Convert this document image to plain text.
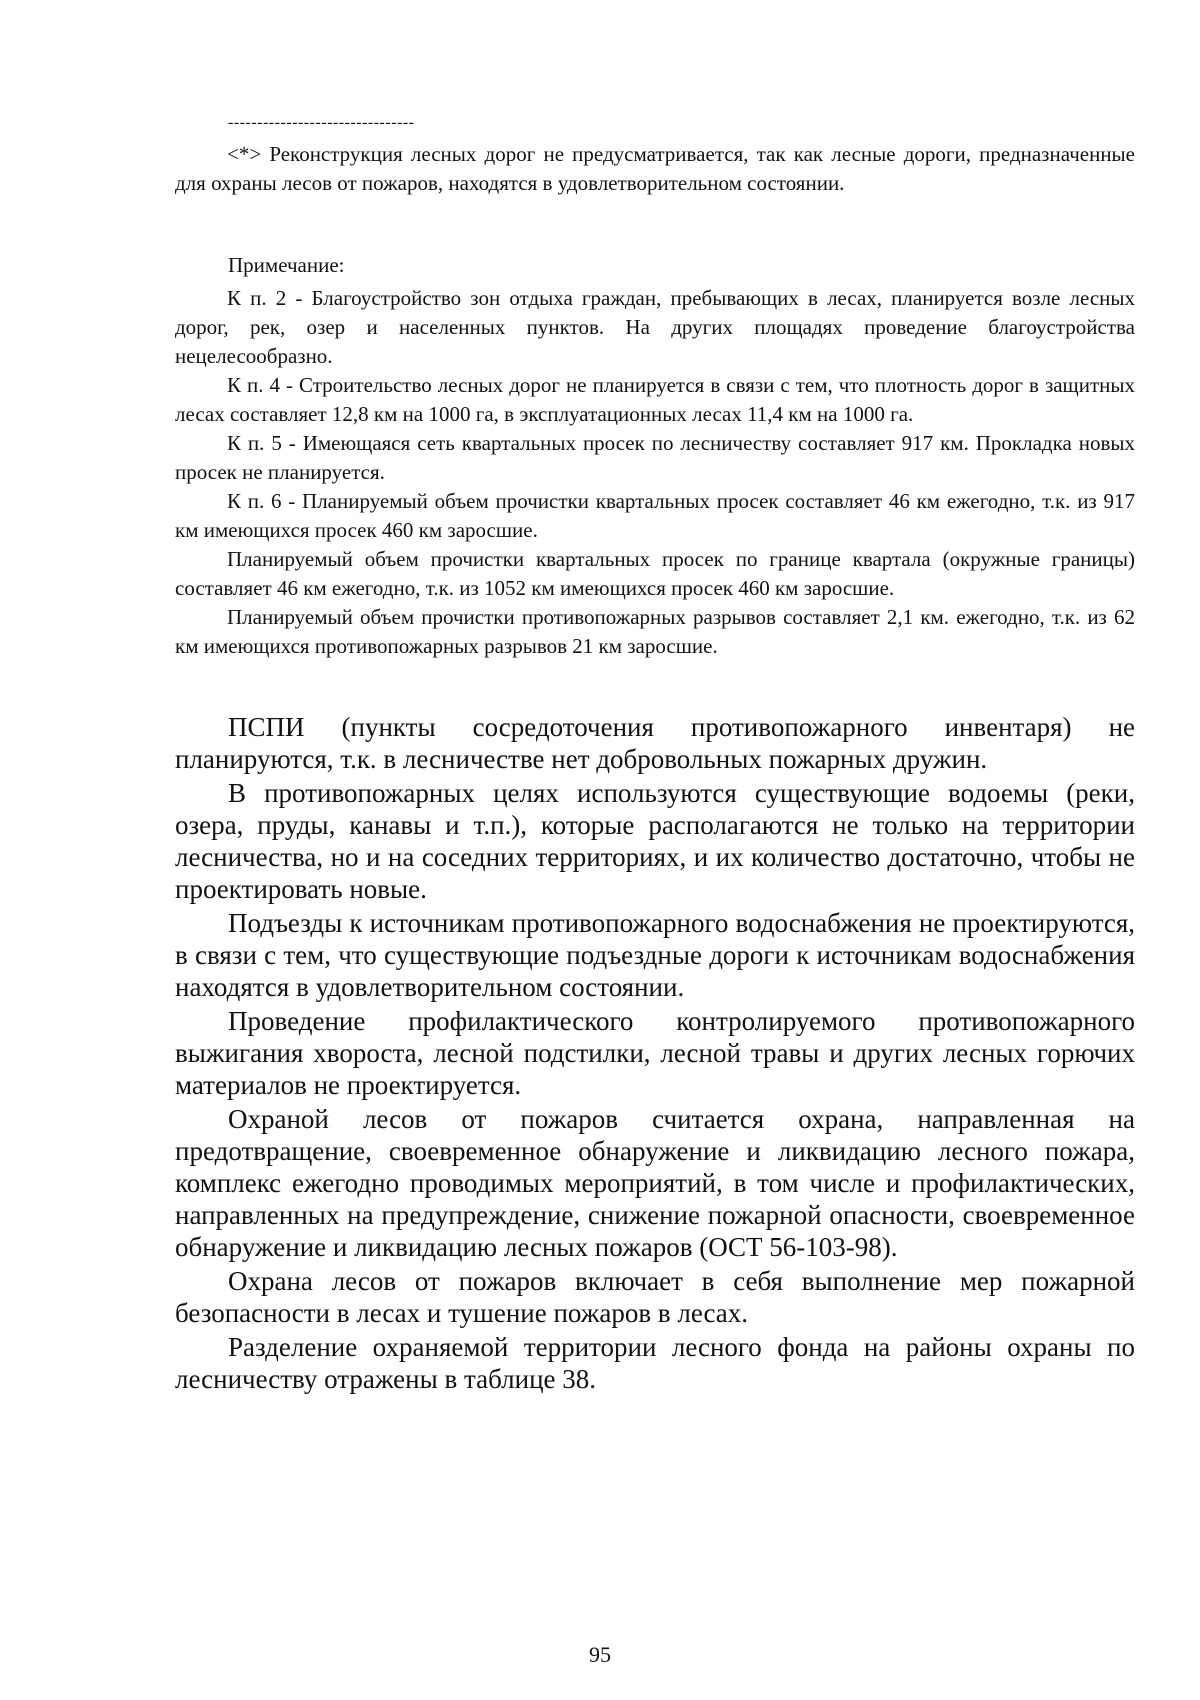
--------------------------------

<*> Реконструкция лесных дорог не предусматривается, так как лесные дороги, предназначенные для охраны лесов от пожаров, находятся в удовлетворительном состоянии.

Примечание:

К п. 2 - Благоустройство зон отдыха граждан, пребывающих в лесах, планируется возле лесных дорог, рек, озер и населенных пунктов. На других площадях проведение благоустройства нецелесообразно.

К п. 4 - Строительство лесных дорог не планируется в связи с тем, что плотность дорог в защитных лесах составляет 12,8 км на 1000 га, в эксплуатационных лесах 11,4 км на 1000 га.

К п. 5 - Имеющаяся сеть квартальных просек по лесничеству составляет 917 км. Прокладка новых просек не планируется.

К п. 6 - Планируемый объем прочистки квартальных просек составляет 46 км ежегодно, т.к. из 917 км имеющихся просек 460 км заросшие.

Планируемый объем прочистки квартальных просек по границе квартала (окружные границы) составляет 46 км ежегодно, т.к. из 1052 км имеющихся просек 460 км заросшие.

Планируемый объем прочистки противопожарных разрывов составляет 2,1 км. ежегодно, т.к. из 62 км имеющихся противопожарных разрывов 21 км заросшие.

ПСПИ (пункты сосредоточения противопожарного инвентаря) не планируются, т.к. в лесничестве нет добровольных пожарных дружин.

В противопожарных целях используются существующие водоемы (реки, озера, пруды, канавы и т.п.), которые располагаются не только на территории лесничества, но и на соседних территориях, и их количество достаточно, чтобы не проектировать новые.

Подъезды к источникам противопожарного водоснабжения не проектируются, в связи с тем, что существующие подъездные дороги к источникам водоснабжения находятся в удовлетворительном состоянии.

Проведение профилактического контролируемого противопожарного выжигания хвороста, лесной подстилки, лесной травы и других лесных горючих материалов не проектируется.

Охраной лесов от пожаров считается охрана, направленная на предотвращение, своевременное обнаружение и ликвидацию лесного пожара, комплекс ежегодно проводимых мероприятий, в том числе и профилактических, направленных на предупреждение, снижение пожарной опасности, своевременное обнаружение и ликвидацию лесных пожаров (ОСТ 56-103-98).

Охрана лесов от пожаров включает в себя выполнение мер пожарной безопасности в лесах и тушение пожаров в лесах.

Разделение охраняемой территории лесного фонда на районы охраны по лесничеству отражены в таблице 38.

95
